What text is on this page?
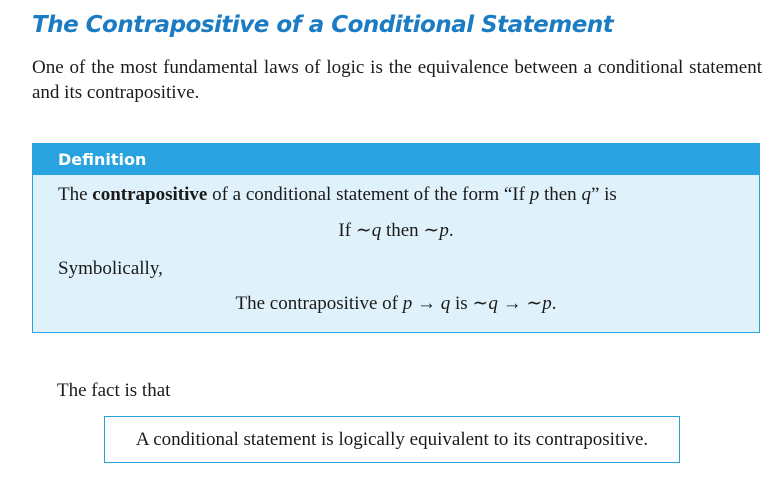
The Contrapositive of a Conditional Statement

One of the most fundamental laws of logic is the equivalence between a conditional statement and its contrapositive.

Definition

The contrapositive of a conditional statement of the form “If p then q” is

If ∼q then ∼p.

Symbolically,

The contrapositive of p → q is ∼q → ∼p.

The fact is that

A conditional statement is logically equivalent to its contrapositive.
